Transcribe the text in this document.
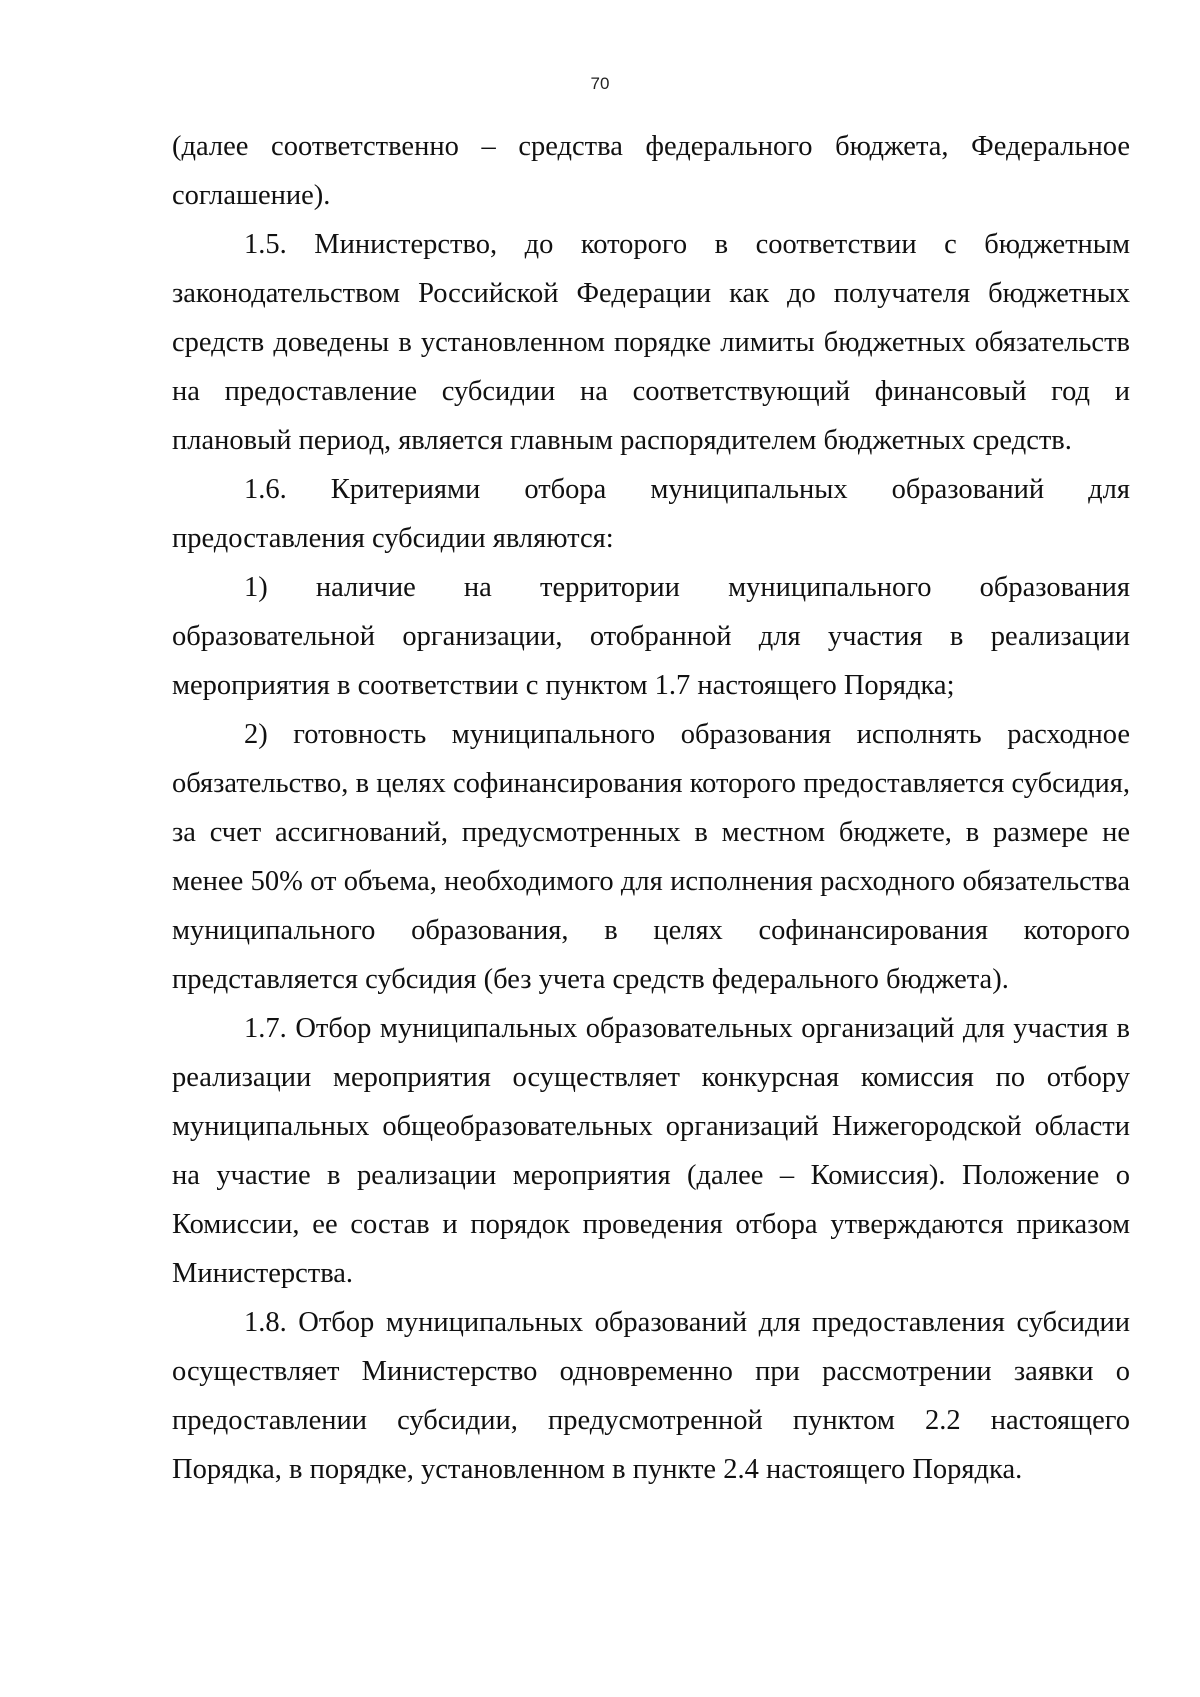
70

(далее соответственно – средства федерального бюджета, Федеральное соглашение).

1.5. Министерство, до которого в соответствии с бюджетным законодательством Российской Федерации как до получателя бюджетных средств доведены в установленном порядке лимиты бюджетных обязательств на предоставление субсидии на соответствующий финансовый год и плановый период, является главным распорядителем бюджетных средств.

1.6. Критериями отбора муниципальных образований для предоставления субсидии являются:

1) наличие на территории муниципального образования образовательной организации, отобранной для участия в реализации мероприятия в соответствии с пунктом 1.7 настоящего Порядка;

2) готовность муниципального образования исполнять расходное обязательство, в целях софинансирования которого предоставляется субсидия, за счет ассигнований, предусмотренных в местном бюджете, в размере не менее 50% от объема, необходимого для исполнения расходного обязательства муниципального образования, в целях софинансирования которого представляется субсидия (без учета средств федерального бюджета).

1.7. Отбор муниципальных образовательных организаций для участия в реализации мероприятия осуществляет конкурсная комиссия по отбору муниципальных общеобразовательных организаций Нижегородской области на участие в реализации мероприятия (далее – Комиссия). Положение о Комиссии, ее состав и порядок проведения отбора утверждаются приказом Министерства.

1.8. Отбор муниципальных образований для предоставления субсидии осуществляет Министерство одновременно при рассмотрении заявки о предоставлении субсидии, предусмотренной пунктом 2.2 настоящего Порядка, в порядке, установленном в пункте 2.4 настоящего Порядка.
